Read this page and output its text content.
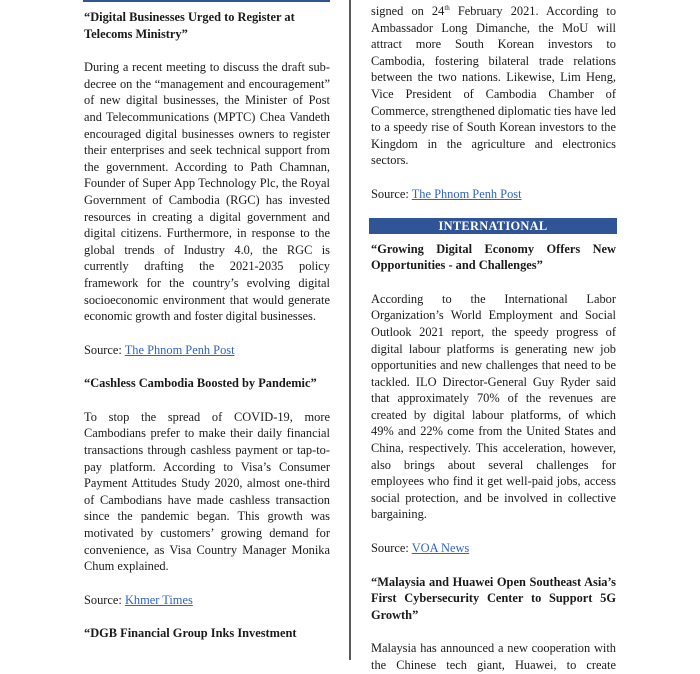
“Digital Businesses Urged to Register at Telecoms Ministry”

During a recent meeting to discuss the draft sub-decree on the “management and encouragement” of new digital businesses, the Minister of Post and Telecommunications (MPTC) Chea Vandeth encouraged digital businesses owners to register their enterprises and seek technical support from the government. According to Path Chamnan, Founder of Super App Technology Plc, the Royal Government of Cambodia (RGC) has invested resources in creating a digital government and digital citizens. Furthermore, in response to the global trends of Industry 4.0, the RGC is currently drafting the 2021-2035 policy framework for the country’s evolving digital socioeconomic environment that would generate economic growth and foster digital businesses.

Source: The Phnom Penh Post

“Cashless Cambodia Boosted by Pandemic”

To stop the spread of COVID-19, more Cambodians prefer to make their daily financial transactions through cashless payment or tap-to-pay platform. According to Visa’s Consumer Payment Attitudes Study 2020, almost one-third of Cambodians have made cashless transaction since the pandemic began. This growth was motivated by customers’ growing demand for convenience, as Visa Country Manager Monika Chum explained.

Source: Khmer Times

“DGB Financial Group Inks Investment

signed on 24th February 2021. According to Ambassador Long Dimanche, the MoU will attract more South Korean investors to Cambodia, fostering bilateral trade relations between the two nations. Likewise, Lim Heng, Vice President of Cambodia Chamber of Commerce, strengthened diplomatic ties have led to a speedy rise of South Korean investors to the Kingdom in the agriculture and electronics sectors.

Source: The Phnom Penh Post

INTERNATIONAL

“Growing Digital Economy Offers New Opportunities - and Challenges”

According to the International Labor Organization’s World Employment and Social Outlook 2021 report, the speedy progress of digital labour platforms is generating new job opportunities and new challenges that need to be tackled. ILO Director-General Guy Ryder said that approximately 70% of the revenues are created by digital labour platforms, of which 49% and 22% come from the United States and China, respectively. This acceleration, however, also brings about several challenges for employees who find it get well-paid jobs, access social protection, and be involved in collective bargaining.

Source: VOA News

“Malaysia and Huawei Open Southeast Asia’s First Cybersecurity Center to Support 5G Growth”

Malaysia has announced a new cooperation with the Chinese tech giant, Huawei, to create
